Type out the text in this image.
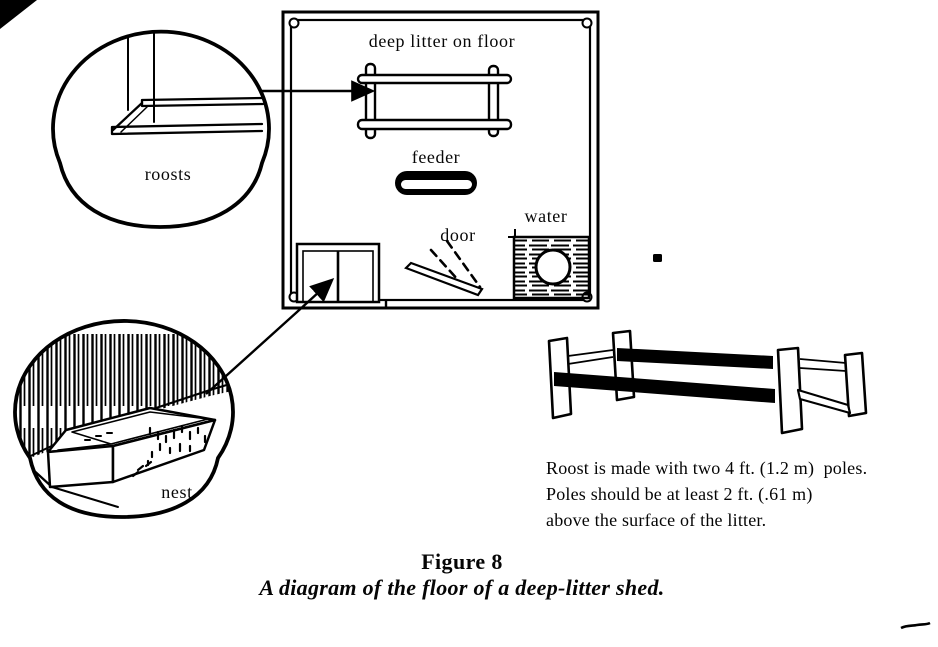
deep litter on floor
feeder
door
water
roosts
nest
Roost is made with two 4 ft. (1.2 m)  poles.
Poles should be at least 2 ft. (.61 m)
above the surface of the litter.
Figure 8
A diagram of the floor of a deep-litter shed.
